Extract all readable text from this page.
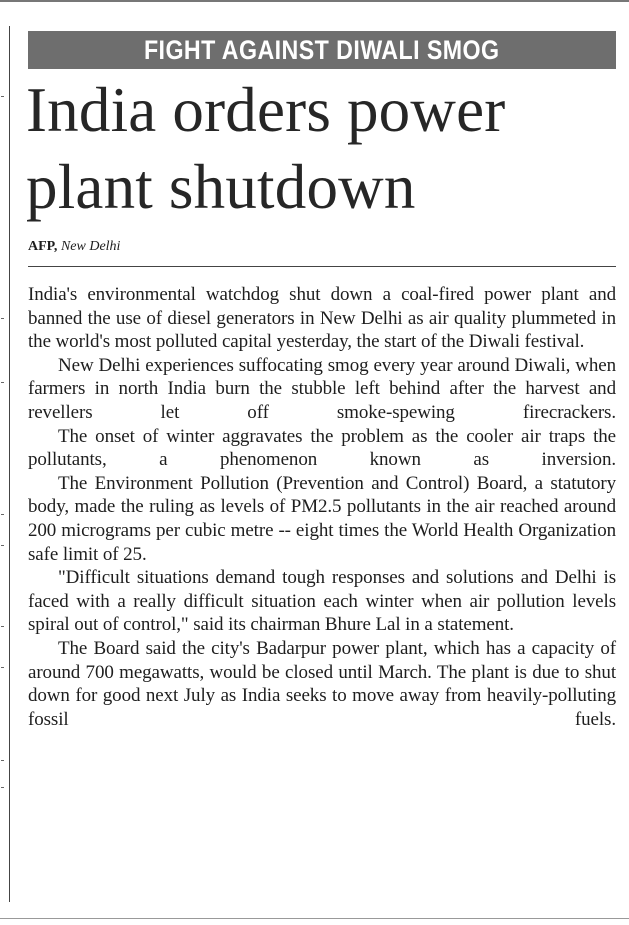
FIGHT AGAINST DIWALI SMOG
India orders power
plant shutdown
AFP, New Delhi

India's environmental watchdog shut down a coal-fired power plant and banned the use of diesel generators in New Delhi as air quality plummeted in the world's most polluted capital yesterday, the start of the Diwali festival.

New Delhi experiences suffocating smog every year around Diwali, when farmers in north India burn the stubble left behind after the harvest and revellers let off smoke-spewing firecrackers.

The onset of winter aggravates the problem as the cooler air traps the pollutants, a phenomenon known as inversion.

The Environment Pollution (Prevention and Control) Board, a statutory body, made the ruling as levels of PM2.5 pollutants in the air reached around 200 micrograms per cubic metre -- eight times the World Health Organization safe limit of 25.

"Difficult situations demand tough responses and solutions and Delhi is faced with a really difficult situation each winter when air pollution levels spiral out of control," said its chairman Bhure Lal in a statement.

The Board said the city's Badarpur power plant, which has a capacity of around 700 megawatts, would be closed until March. The plant is due to shut down for good next July as India seeks to move away from heavily-polluting fossil fuels.
